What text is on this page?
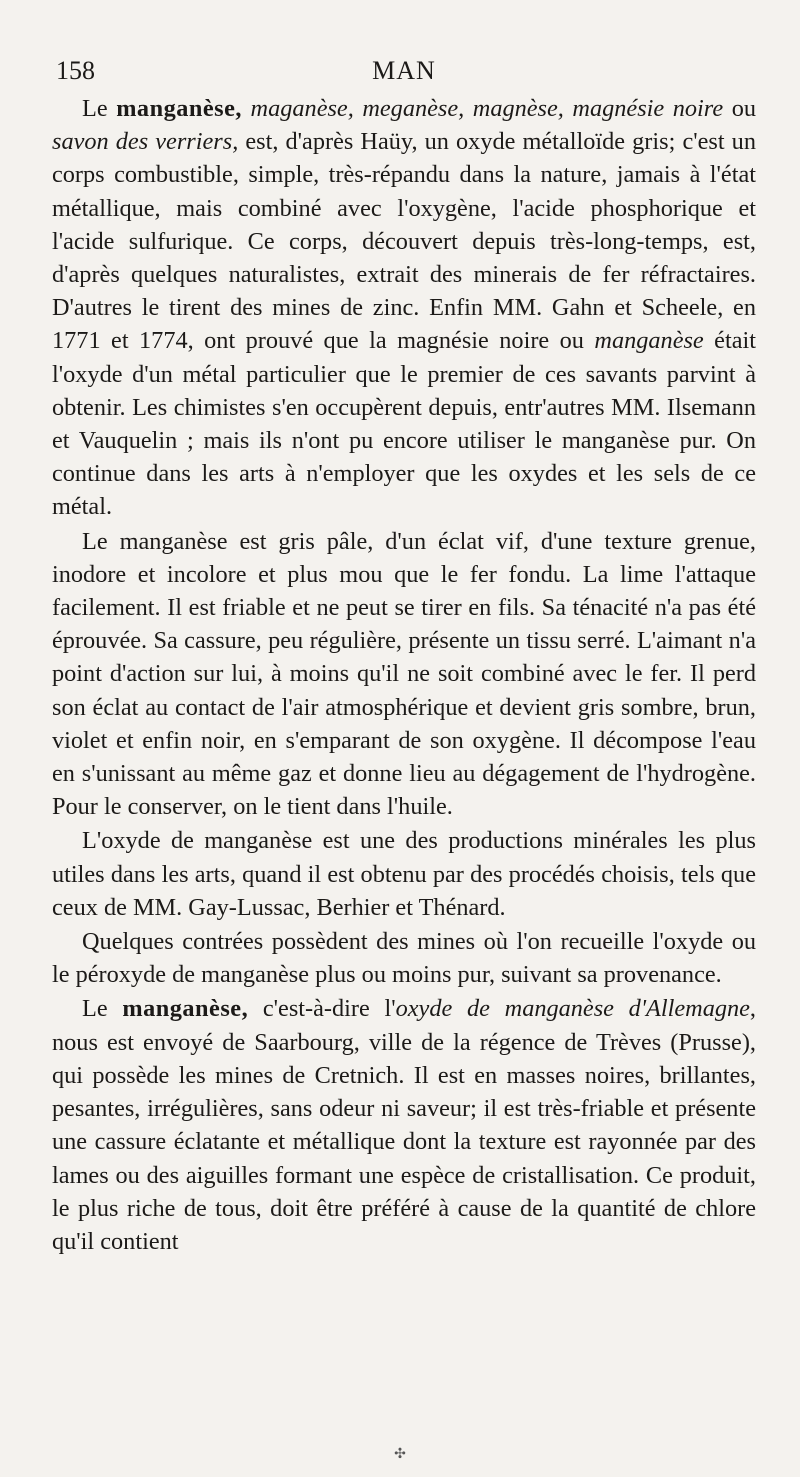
158	MAN

Le manganèse, maganèse, meganèse, magnèse, magnésie noire ou savon des verriers, est, d'après Haüy, un oxyde métalloïde gris; c'est un corps combustible, simple, très-répandu dans la nature, jamais à l'état métallique, mais combiné avec l'oxygène, l'acide phosphorique et l'acide sulfurique. Ce corps, découvert depuis très-long-temps, est, d'après quelques naturalistes, extrait des minerais de fer réfractaires. D'autres le tirent des mines de zinc. Enfin MM. Gahn et Scheele, en 1771 et 1774, ont prouvé que la magnésie noire ou manganèse était l'oxyde d'un métal particulier que le premier de ces savants parvint à obtenir. Les chimistes s'en occupèrent depuis, entr'autres MM. Ilsemann et Vauquelin ; mais ils n'ont pu encore utiliser le manganèse pur. On continue dans les arts à n'employer que les oxydes et les sels de ce métal.

Le manganèse est gris pâle, d'un éclat vif, d'une texture grenue, inodore et incolore et plus mou que le fer fondu. La lime l'attaque facilement. Il est friable et ne peut se tirer en fils. Sa ténacité n'a pas été éprouvée. Sa cassure, peu régulière, présente un tissu serré. L'aimant n'a point d'action sur lui, à moins qu'il ne soit combiné avec le fer. Il perd son éclat au contact de l'air atmosphérique et devient gris sombre, brun, violet et enfin noir, en s'emparant de son oxygène. Il décompose l'eau en s'unissant au même gaz et donne lieu au dégagement de l'hydrogène. Pour le conserver, on le tient dans l'huile.

L'oxyde de manganèse est une des productions minérales les plus utiles dans les arts, quand il est obtenu par des procédés choisis, tels que ceux de MM. Gay-Lussac, Berhier et Thénard.

Quelques contrées possèdent des mines où l'on recueille l'oxyde ou le péroxyde de manganèse plus ou moins pur, suivant sa provenance.

Le manganèse, c'est-à-dire l'oxyde de manganèse d'Allemagne, nous est envoyé de Saarbourg, ville de la régence de Trèves (Prusse), qui possède les mines de Cretnich. Il est en masses noires, brillantes, pesantes, irrégulières, sans odeur ni saveur; il est très-friable et présente une cassure éclatante et métallique dont la texture est rayonnée par des lames ou des aiguilles formant une espèce de cristallisation. Ce produit, le plus riche de tous, doit être préféré à cause de la quantité de chlore qu'il contient

✣
